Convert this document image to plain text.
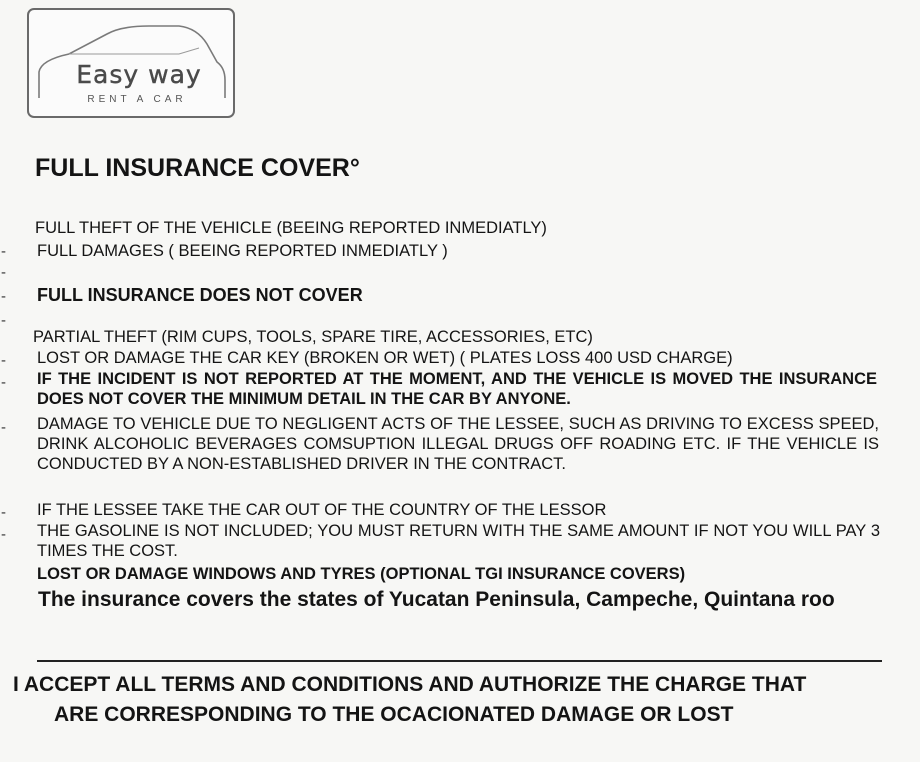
Easy way
RENT A CAR
FULL INSURANCE COVER°
FULL THEFT OF THE VEHICLE (BEEING REPORTED INMEDIATLY)
- FULL DAMAGES ( BEEING REPORTED INMEDIATLY )
-
- FULL INSURANCE DOES NOT COVER
-
PARTIAL THEFT (RIM CUPS, TOOLS, SPARE TIRE, ACCESSORIES, ETC)
- LOST OR DAMAGE THE CAR KEY (BROKEN OR WET) ( PLATES LOSS 400 USD CHARGE)
- IF THE INCIDENT IS NOT REPORTED AT THE MOMENT, AND THE VEHICLE IS MOVED THE INSURANCE DOES NOT COVER THE MINIMUM DETAIL IN THE CAR BY ANYONE.
- DAMAGE TO VEHICLE DUE TO NEGLIGENT ACTS OF THE LESSEE, SUCH AS DRIVING TO EXCESS SPEED, DRINK ALCOHOLIC BEVERAGES COMSUPTION ILLEGAL DRUGS OFF ROADING ETC. IF THE VEHICLE IS CONDUCTED BY A NON-ESTABLISHED DRIVER IN THE CONTRACT.
- IF THE LESSEE TAKE THE CAR OUT OF THE COUNTRY OF THE LESSOR
- THE GASOLINE IS NOT INCLUDED; YOU MUST RETURN WITH THE SAME AMOUNT IF NOT YOU WILL PAY 3 TIMES THE COST.
LOST OR DAMAGE WINDOWS AND TYRES (OPTIONAL TGI INSURANCE COVERS)
The insurance covers the states of Yucatan Peninsula, Campeche, Quintana roo
I ACCEPT ALL TERMS AND CONDITIONS AND AUTHORIZE THE CHARGE THAT
ARE CORRESPONDING TO THE OCACIONATED DAMAGE OR LOST
